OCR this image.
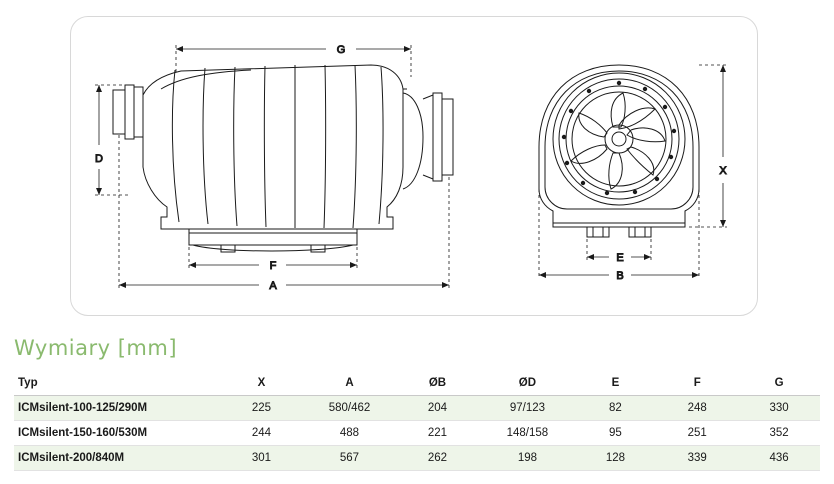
G
D
F
A
X
E
B
Wymiary [mm]
Typ	X	A	ØB	ØD	E	F	G
ICMsilent-100-125/290M	225	580/462	204	97/123	82	248	330
ICMsilent-150-160/530M	244	488	221	148/158	95	251	352
ICMsilent-200/840M	301	567	262	198	128	339	436
